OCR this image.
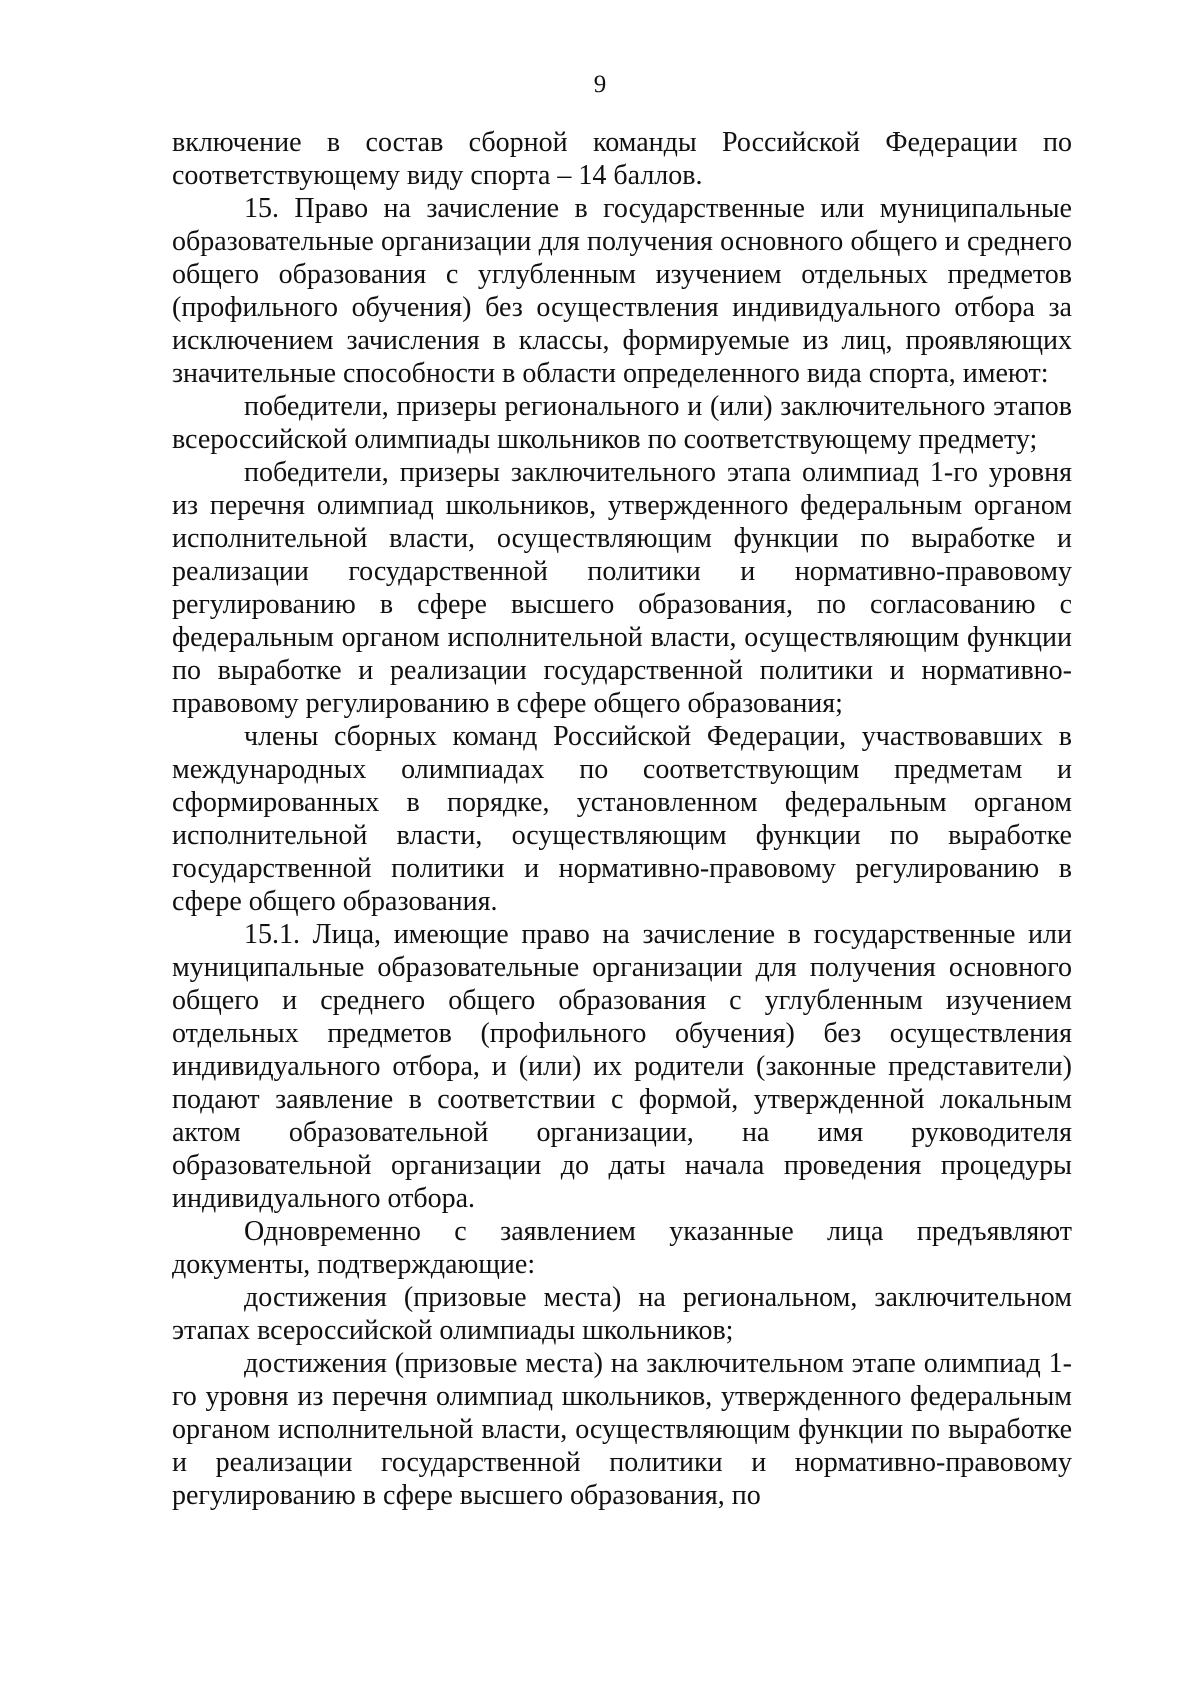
9

включение в состав сборной команды Российской Федерации по соответствующему виду спорта – 14 баллов.

15. Право на зачисление в государственные или муниципальные образовательные организации для получения основного общего и среднего общего образования с углубленным изучением отдельных предметов (профильного обучения) без осуществления индивидуального отбора за исключением зачисления в классы, формируемые из лиц, проявляющих значительные способности в области определенного вида спорта, имеют:

победители, призеры регионального и (или) заключительного этапов всероссийской олимпиады школьников по соответствующему предмету;

победители, призеры заключительного этапа олимпиад 1-го уровня из перечня олимпиад школьников, утвержденного федеральным органом исполнительной власти, осуществляющим функции по выработке и реализации государственной политики и нормативно-правовому регулированию в сфере высшего образования, по согласованию с федеральным органом исполнительной власти, осуществляющим функции по выработке и реализации государственной политики и нормативно-правовому регулированию в сфере общего образования;

члены сборных команд Российской Федерации, участвовавших в международных олимпиадах по соответствующим предметам и сформированных в порядке, установленном федеральным органом исполнительной власти, осуществляющим функции по выработке государственной политики и нормативно-правовому регулированию в сфере общего образования.

15.1. Лица, имеющие право на зачисление в государственные или муниципальные образовательные организации для получения основного общего и среднего общего образования с углубленным изучением отдельных предметов (профильного обучения) без осуществления индивидуального отбора, и (или) их родители (законные представители) подают заявление в соответствии с формой, утвержденной локальным актом образовательной организации, на имя руководителя образовательной организации до даты начала проведения процедуры индивидуального отбора.

Одновременно с заявлением указанные лица предъявляют документы, подтверждающие:

достижения (призовые места) на региональном, заключительном этапах всероссийской олимпиады школьников;

достижения (призовые места) на заключительном этапе олимпиад 1-го уровня из перечня олимпиад школьников, утвержденного федеральным органом исполнительной власти, осуществляющим функции по выработке и реализации государственной политики и нормативно-правовому регулированию в сфере высшего образования, по
